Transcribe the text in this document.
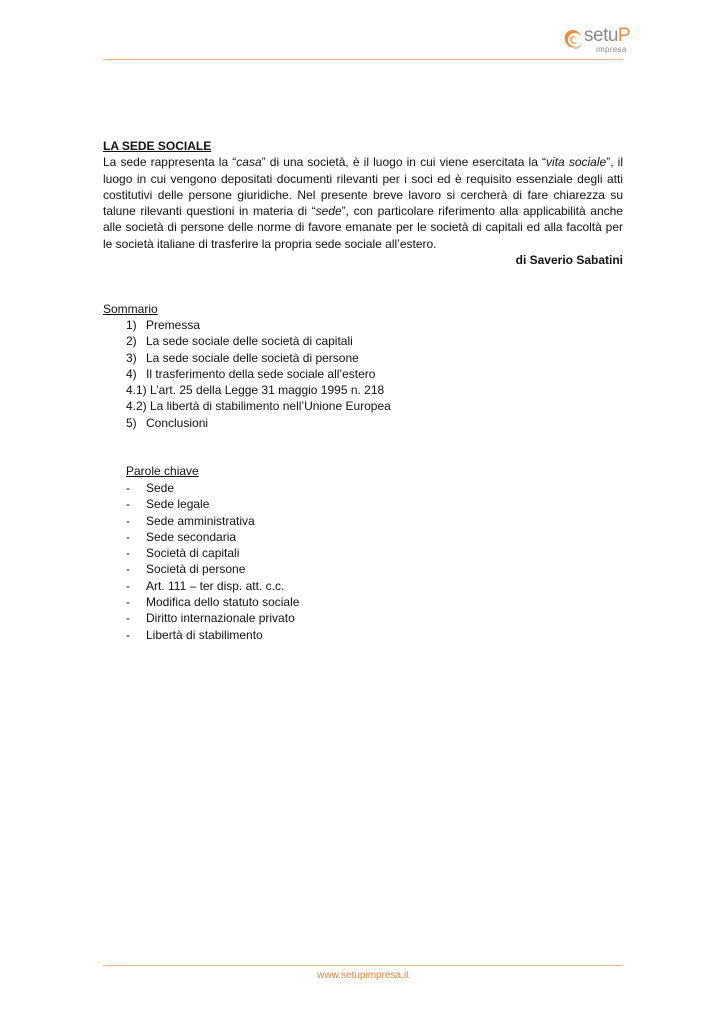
setuP
impresa
LA SEDE SOCIALE

La sede rappresenta la “casa” di una società, è il luogo in cui viene esercitata la “vita sociale”, il luogo in cui vengono depositati documenti rilevanti per i soci ed è requisito essenziale degli atti costitutivi delle persone giuridiche. Nel presente breve lavoro si cercherà di fare chiarezza su talune rilevanti questioni in materia di “sede”, con particolare riferimento alla applicabilità anche alle società di persone delle norme di favore emanate per le società di capitali ed alla facoltà per le società italiane di trasferire la propria sede sociale all’estero.

di Saverio Sabatini
Sommario
1) Premessa
2) La sede sociale delle società di capitali
3) La sede sociale delle società di persone
4) Il trasferimento della sede sociale all’estero
4.1) L’art. 25 della Legge 31 maggio 1995 n. 218
4.2) La libertà di stabilimento nell’Unione Europea
5) Conclusioni
Parole chiave
- Sede
- Sede legale
- Sede amministrativa
- Sede secondaria
- Società di capitali
- Società di persone
- Art. 111 – ter disp. att. c.c.
- Modifica dello statuto sociale
- Diritto internazionale privato
- Libertà di stabilimento
www.setupimpresa.it
